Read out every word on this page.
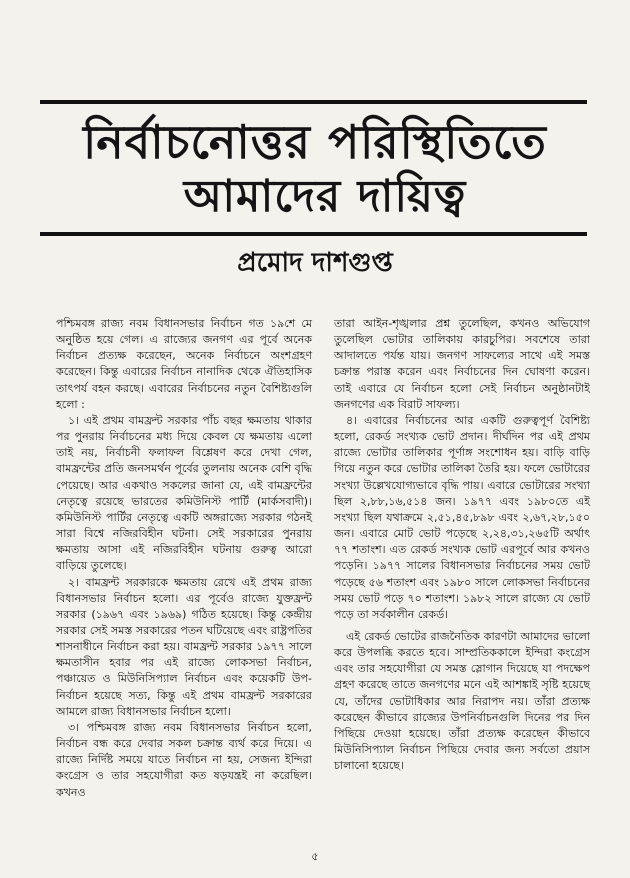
নির্বাচনোত্তর পরিস্থিতিতে
আমাদের দায়িত্ব
প্রমোদ দাশগুপ্ত

পশ্চিমবঙ্গ রাজ্য নবম বিধানসভার নির্বাচন গত ১৯শে মে অনুষ্ঠিত হয়ে গেল। এ রাজ্যের জনগণ এর পূর্বে অনেক নির্বাচন প্রত্যক্ষ করেছেন, অনেক নির্বাচনে অংশগ্রহণ করেছেন। কিন্তু এবারের নির্বাচন নানাদিক থেকে ঐতিহাসিক তাৎপর্য বহন করছে। এবারের নির্বাচনের নতুন বৈশিষ্ট্যগুলি হলো :

১। এই প্রথম বামফ্রন্ট সরকার পাঁচ বছর ক্ষমতায় থাকার পর পুনরায় নির্বাচনের মধ্য দিয়ে কেবল যে ক্ষমতায় এলো তাই নয়, নির্বাচনী ফলাফল বিশ্লেষণ করে দেখা গেল, বামফ্রন্টের প্রতি জনসমর্থন পূর্বের তুলনায় অনেক বেশি বৃদ্ধি পেয়েছে। আর একথাও সকলের জানা যে, এই বামফ্রন্টের নেতৃত্বে রয়েছে ভারতের কমিউনিস্ট পার্টি (মার্কসবাদী)। কমিউনিস্ট পার্টির নেতৃত্বে একটি অঙ্গরাজ্যে সরকার গঠনই সারা বিশ্বে নজিরবিহীন ঘটনা। সেই সরকারের পুনরায় ক্ষমতায় আসা এই নজিরবিহীন ঘটনায় গুরুত্ব আরো বাড়িয়ে তুলেছে।

২। বামফ্রন্ট সরকারকে ক্ষমতায় রেখে এই প্রথম রাজ্য বিধানসভার নির্বাচন হলো। এর পূর্বেও রাজ্যে যুক্তফ্রন্ট সরকার (১৯৬৭ এবং ১৯৬৯) গঠিত হয়েছে। কিন্তু কেন্দ্রীয় সরকার সেই সমস্ত সরকারের পতন ঘটিয়েছে এবং রাষ্ট্রপতির শাসনাধীনে নির্বাচন করা হয়। বামফ্রন্ট সরকার ১৯৭৭ সালে ক্ষমতাসীন হবার পর এই রাজ্যে লোকসভা নির্বাচন, পঞ্চায়েত ও মিউনিসিপ্যাল নির্বাচন এবং কয়েকটি উপ-নির্বাচন হয়েছে সত্য, কিন্তু এই প্রথম বামফ্রন্ট সরকারের আমলে রাজ্য বিধানসভার নির্বাচন হলো।

৩। পশ্চিমবঙ্গ রাজ্য নবম বিধানসভার নির্বাচন হলো, নির্বাচন বন্ধ করে দেবার সকল চক্রান্ত ব্যর্থ করে দিয়ে। এ রাজ্যে নির্দিষ্ট সময়ে যাতে নির্বাচন না হয়, সেজন্য ইন্দিরা কংগ্রেস ও তার সহযোগীরা কত ষড়যন্ত্রই না করেছিল। কখনও

তারা আইন-শৃঙ্খলার প্রশ্ন তুলেছিল, কখনও অভিযোগ তুলেছিল ভোটার তালিকায় কারচুপির। সবশেষে তারা আদালতে পর্যন্ত যায়। জনগণ সাফল্যের সাথে এই সমস্ত চক্রান্ত পরাস্ত করেন এবং নির্বাচনের দিন ঘোষণা করেন। তাই এবারে যে নির্বাচন হলো সেই নির্বাচন অনুষ্ঠানটাই জনগণের এক বিরাট সাফল্য।

৪। এবারের নির্বাচনের আর একটি গুরুত্বপূর্ণ বৈশিষ্ট্য হলো, রেকর্ড সংখ্যক ভোট প্রদান। দীর্ঘদিন পর এই প্রথম রাজ্যে ভোটার তালিকার পূর্ণাঙ্গ সংশোধন হয়। বাড়ি বাড়ি গিয়ে নতুন করে ভোটার তালিকা তৈরি হয়। ফলে ভোটারের সংখ্যা উল্লেখযোগ্যভাবে বৃদ্ধি পায়। এবারে ভোটারের সংখ্যা ছিল ২,৮৮,১৬,৫১৪ জন। ১৯৭৭ এবং ১৯৮০তে এই সংখ্যা ছিল যথাক্রমে ২,৫১,৪৫,৮৯৮ এবং ২,৬৭,২৮,১৫০ জন। এবারে মোট ভোট পড়েছে ২,২৪,৩১,২৬৫টি অর্থাৎ ৭৭ শতাংশ। এত রেকর্ড সংখ্যক ভোট এরপূর্বে আর কখনও পড়েনি। ১৯৭৭ সালের বিধানসভার নির্বাচনের সময় ভোট পড়েছে ৫৬ শতাংশ এবং ১৯৮০ সালে লোকসভা নির্বাচনের সময় ভোট পড়ে ৭০ শতাংশ। ১৯৮২ সালে রাজ্যে যে ভোট পড়ে তা সর্বকালীন রেকর্ড।

এই রেকর্ড ভোটের রাজনৈতিক কারণটা আমাদের ভালো করে উপলব্ধি করতে হবে। সাম্প্রতিককালে ইন্দিরা কংগ্রেস এবং তার সহযোগীরা যে সমস্ত স্লোগান দিয়েছে যা পদক্ষেপ গ্রহণ করেছে তাতে জনগণের মনে এই আশঙ্কাই সৃষ্টি হয়েছে যে, তাঁদের ভোটাধিকার আর নিরাপদ নয়। তাঁরা প্রত্যক্ষ করেছেন কীভাবে রাজ্যের উপনির্বাচনগুলি দিনের পর দিন পিছিয়ে দেওয়া হয়েছে। তাঁরা প্রত্যক্ষ করেছেন কীভাবে মিউনিসিপ্যাল নির্বাচন পিছিয়ে দেবার জন্য সর্বতো প্রয়াস চালানো হয়েছে।

৫
